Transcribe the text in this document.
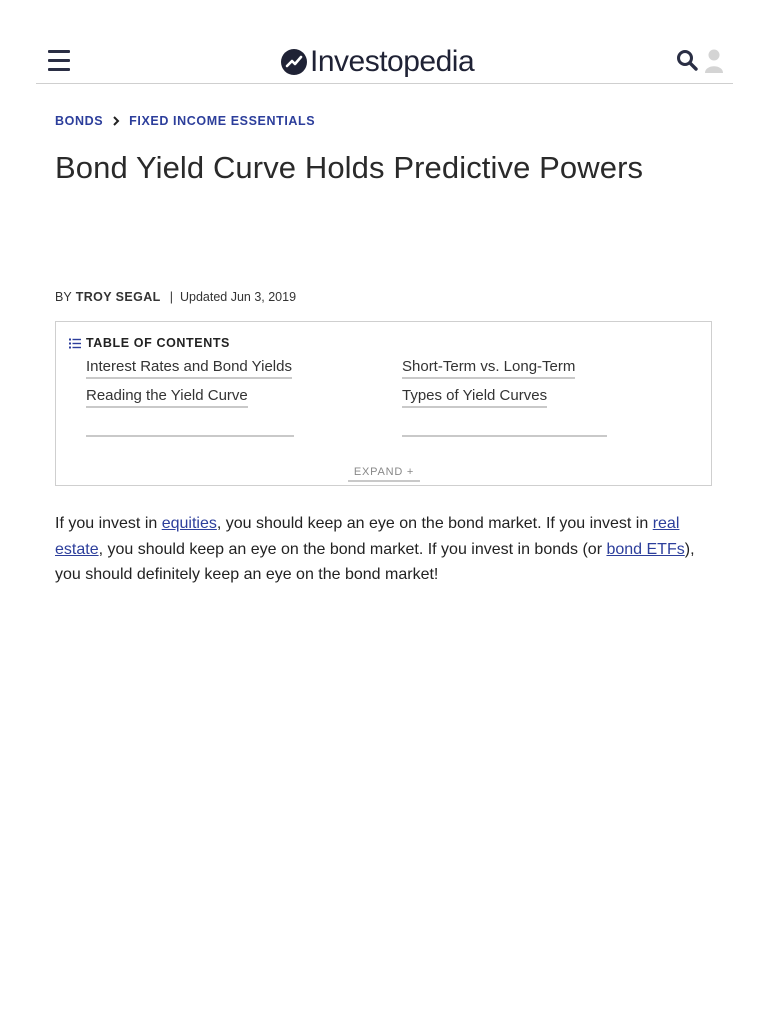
Investopedia
BONDS FIXED INCOME ESSENTIALS
Bond Yield Curve Holds Predictive Powers
BY TROY SEGAL | Updated Jun 3, 2019
TABLE OF CONTENTS
Interest Rates and Bond Yields	Short-Term vs. Long-Term
Reading the Yield Curve	Types of Yield Curves
EXPAND +

If you invest in equities, you should keep an eye on the bond market. If you invest in real estate, you should keep an eye on the bond market. If you invest in bonds (or bond ETFs), you should definitely keep an eye on the bond market!
